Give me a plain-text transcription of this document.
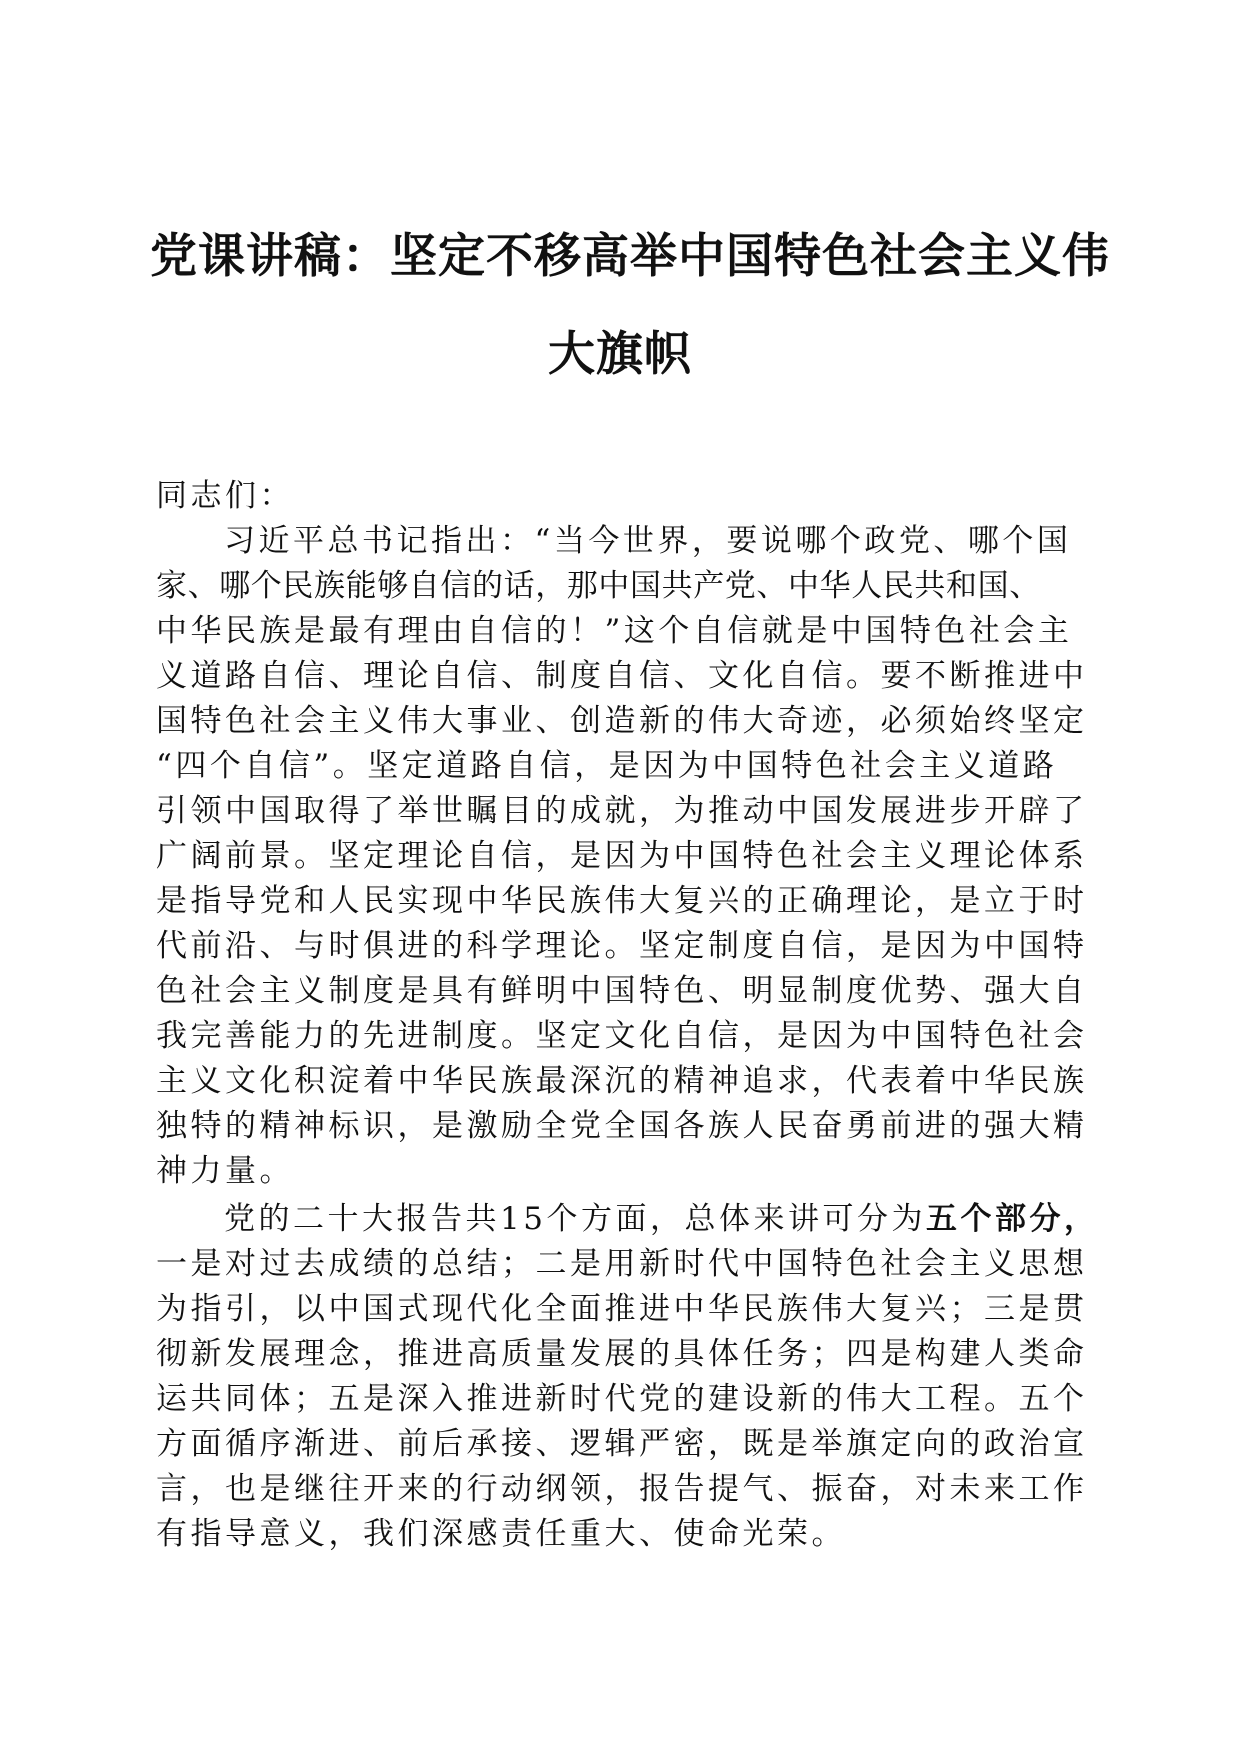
党课讲稿：坚定不移高举中国特色社会主义伟
大旗帜
同志们：
习近平总书记指出：“当今世界，要说哪个政党、哪个国
家、哪个民族能够自信的话，那中国共产党、中华人民共和国、
中华民族是最有理由自信的！”这个自信就是中国特色社会主
义道路自信、理论自信、制度自信、文化自信。要不断推进中
国特色社会主义伟大事业、创造新的伟大奇迹，必须始终坚定
“四个自信”。坚定道路自信，是因为中国特色社会主义道路
引领中国取得了举世瞩目的成就，为推动中国发展进步开辟了
广阔前景。坚定理论自信，是因为中国特色社会主义理论体系
是指导党和人民实现中华民族伟大复兴的正确理论，是立于时
代前沿、与时俱进的科学理论。坚定制度自信，是因为中国特
色社会主义制度是具有鲜明中国特色、明显制度优势、强大自
我完善能力的先进制度。坚定文化自信，是因为中国特色社会
主义文化积淀着中华民族最深沉的精神追求，代表着中华民族
独特的精神标识，是激励全党全国各族人民奋勇前进的强大精
神力量。
党的二十大报告共15个方面，总体来讲可分为五个部分，
一是对过去成绩的总结；二是用新时代中国特色社会主义思想
为指引，以中国式现代化全面推进中华民族伟大复兴；三是贯
彻新发展理念，推进高质量发展的具体任务；四是构建人类命
运共同体；五是深入推进新时代党的建设新的伟大工程。五个
方面循序渐进、前后承接、逻辑严密，既是举旗定向的政治宣
言，也是继往开来的行动纲领，报告提气、振奋，对未来工作
有指导意义，我们深感责任重大、使命光荣。
